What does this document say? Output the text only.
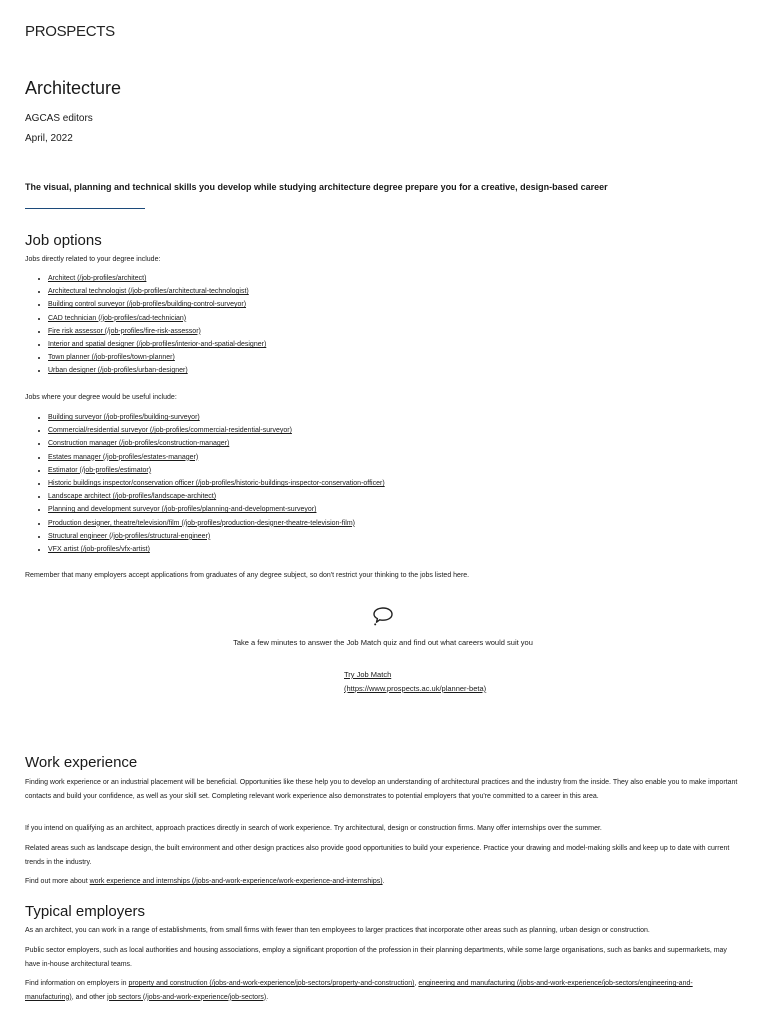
PROSPECTS
Architecture
AGCAS editors
April, 2022
The visual, planning and technical skills you develop while studying architecture degree prepare you for a creative, design-based career
Job options
Jobs directly related to your degree include:
• Architect (/job-profiles/architect)
• Architectural technologist (/job-profiles/architectural-technologist)
• Building control surveyor (/job-profiles/building-control-surveyor)
• CAD technician (/job-profiles/cad-technician)
• Fire risk assessor (/job-profiles/fire-risk-assessor)
• Interior and spatial designer (/job-profiles/interior-and-spatial-designer)
• Town planner (/job-profiles/town-planner)
• Urban designer (/job-profiles/urban-designer)
Jobs where your degree would be useful include:
• Building surveyor (/job-profiles/building-surveyor)
• Commercial/residential surveyor (/job-profiles/commercial-residential-surveyor)
• Construction manager (/job-profiles/construction-manager)
• Estates manager (/job-profiles/estates-manager)
• Estimator (/job-profiles/estimator)
• Historic buildings inspector/conservation officer (/job-profiles/historic-buildings-inspector-conservation-officer)
• Landscape architect (/job-profiles/landscape-architect)
• Planning and development surveyor (/job-profiles/planning-and-development-surveyor)
• Production designer, theatre/television/film (/job-profiles/production-designer-theatre-television-film)
• Structural engineer (/job-profiles/structural-engineer)
• VFX artist (/job-profiles/vfx-artist)
Remember that many employers accept applications from graduates of any degree subject, so don't restrict your thinking to the jobs listed here.
Take a few minutes to answer the Job Match quiz and find out what careers would suit you
Try Job Match (https://www.prospects.ac.uk/planner-beta)
Work experience

Finding work experience or an industrial placement will be beneficial. Opportunities like these help you to develop an understanding of architectural practices and the industry from the inside. They also enable you to make important contacts and build your confidence, as well as your skill set. Completing relevant work experience also demonstrates to potential employers that you're committed to a career in this area.

If you intend on qualifying as an architect, approach practices directly in search of work experience. Try architectural, design or construction firms. Many offer internships over the summer.

Related areas such as landscape design, the built environment and other design practices also provide good opportunities to build your experience. Practice your drawing and model-making skills and keep up to date with current trends in the industry.

Find out more about work experience and internships (/jobs-and-work-experience/work-experience-and-internships).

Typical employers

As an architect, you can work in a range of establishments, from small firms with fewer than ten employees to larger practices that incorporate other areas such as planning, urban design or construction.

Public sector employers, such as local authorities and housing associations, employ a significant proportion of the profession in their planning departments, while some large organisations, such as banks and supermarkets, may have in-house architectural teams.

Find information on employers in property and construction (/jobs-and-work-experience/job-sectors/property-and-construction), engineering and manufacturing (/jobs-and-work-experience/job-sectors/engineering-and-manufacturing), and other job sectors (/jobs-and-work-experience/job-sectors).
